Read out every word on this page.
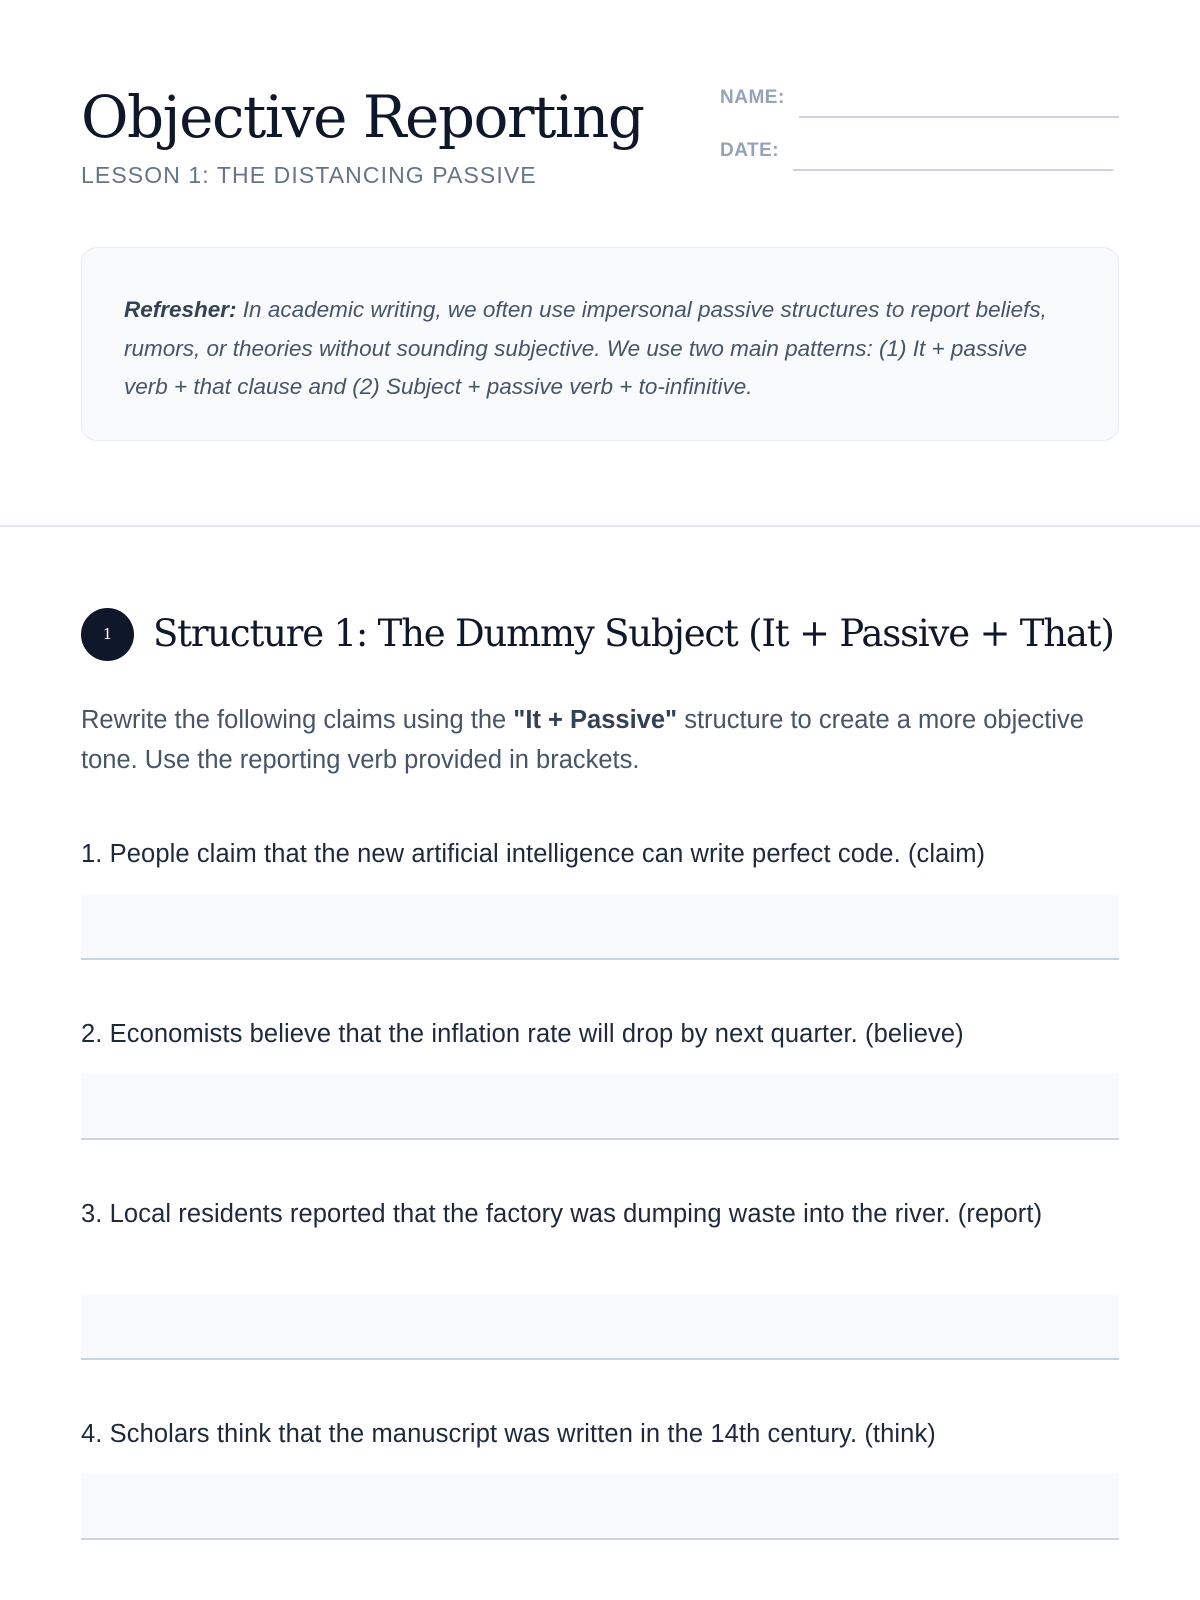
Objective Reporting
LESSON 1: THE DISTANCING PASSIVE
NAME:
DATE:
Refresher: In academic writing, we often use impersonal passive structures to report beliefs, rumors, or theories without sounding subjective. We use two main patterns: (1) It + passive verb + that clause and (2) Subject + passive verb + to-infinitive.
1	Structure 1: The Dummy Subject (It + Passive + That)

Rewrite the following claims using the "It + Passive" structure to create a more objective tone. Use the reporting verb provided in brackets.

1. People claim that the new artificial intelligence can write perfect code. (claim)

2. Economists believe that the inflation rate will drop by next quarter. (believe)

3. Local residents reported that the factory was dumping waste into the river. (report)

4. Scholars think that the manuscript was written in the 14th century. (think)
